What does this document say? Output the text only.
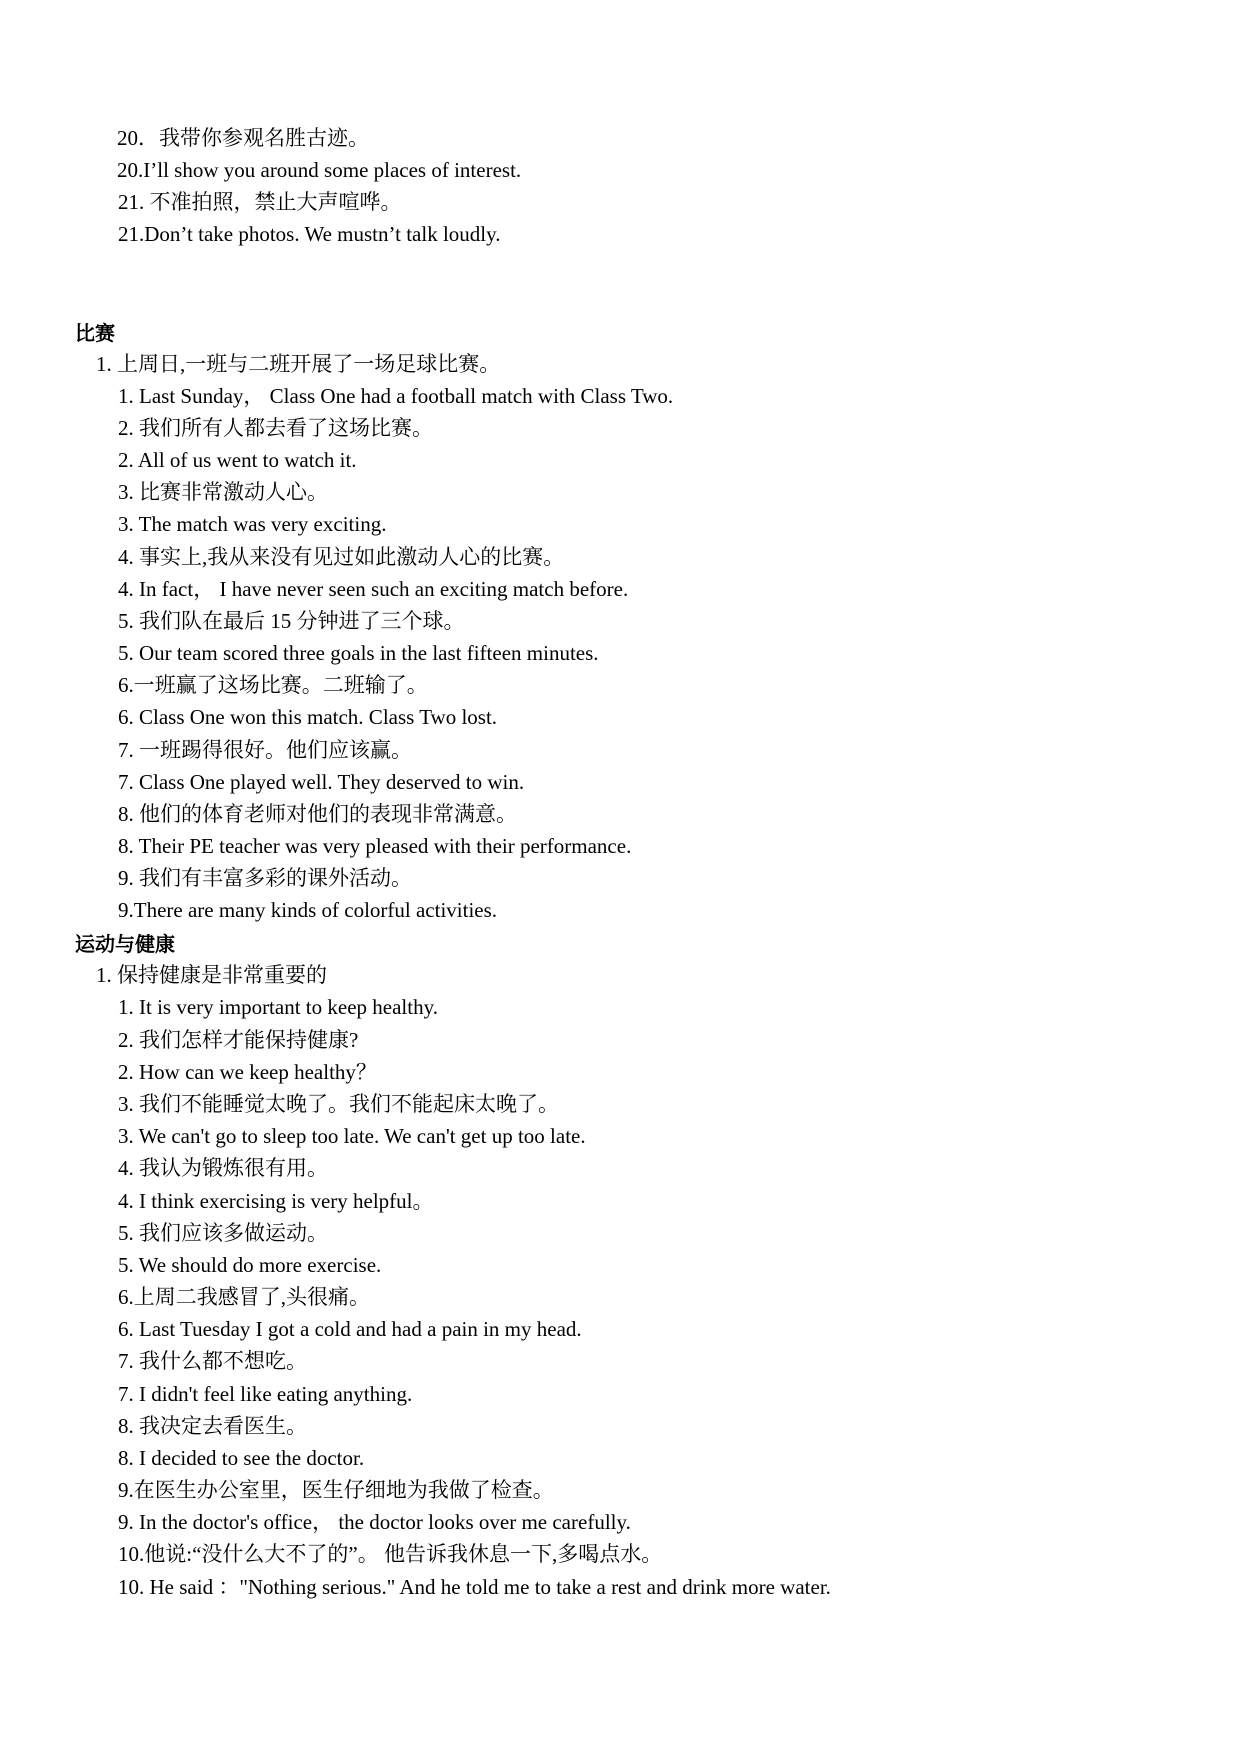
20．我带你参观名胜古迹。
20.I’ll show you around some places of interest.
21. 不准拍照，禁止大声喧哗。
21.Don’t take photos. We mustn’t talk loudly.
比赛
1. 上周日,一班与二班开展了一场足球比赛。
1. Last Sunday， Class One had a football match with Class Two.
2. 我们所有人都去看了这场比赛。
2. All of us went to watch it.
3. 比赛非常激动人心。
3. The match was very exciting.
4. 事实上,我从来没有见过如此激动人心的比赛。
4. In fact， I have never seen such an exciting match before.
5. 我们队在最后 15 分钟进了三个球。
5. Our team scored three goals in the last fifteen minutes.
6.一班赢了这场比赛。二班输了。
6. Class One won this match. Class Two lost.
7. 一班踢得很好。他们应该赢。
7. Class One played well. They deserved to win.
8. 他们的体育老师对他们的表现非常满意。
8. Their PE teacher was very pleased with their performance.
9. 我们有丰富多彩的课外活动。
9.There are many kinds of colorful activities.
运动与健康
1. 保持健康是非常重要的
1. It is very important to keep healthy.
2. 我们怎样才能保持健康?
2. How can we keep healthy？
3. 我们不能睡觉太晚了。我们不能起床太晚了。
3. We can't go to sleep too late. We can't get up too late.
4. 我认为锻炼很有用。
4. I think exercising is very helpful。
5. 我们应该多做运动。
5. We should do more exercise.
6.上周二我感冒了,头很痛。
6. Last Tuesday I got a cold and had a pain in my head.
7. 我什么都不想吃。
7. I didn't feel like eating anything.
8. 我决定去看医生。
8. I decided to see the doctor.
9.在医生办公室里，医生仔细地为我做了检查。
9. In the doctor's office， the doctor looks over me carefully.
10.他说:“没什么大不了的”。 他告诉我休息一下,多喝点水。
10. He said ："Nothing serious." And he told me to take a rest and drink more water.
